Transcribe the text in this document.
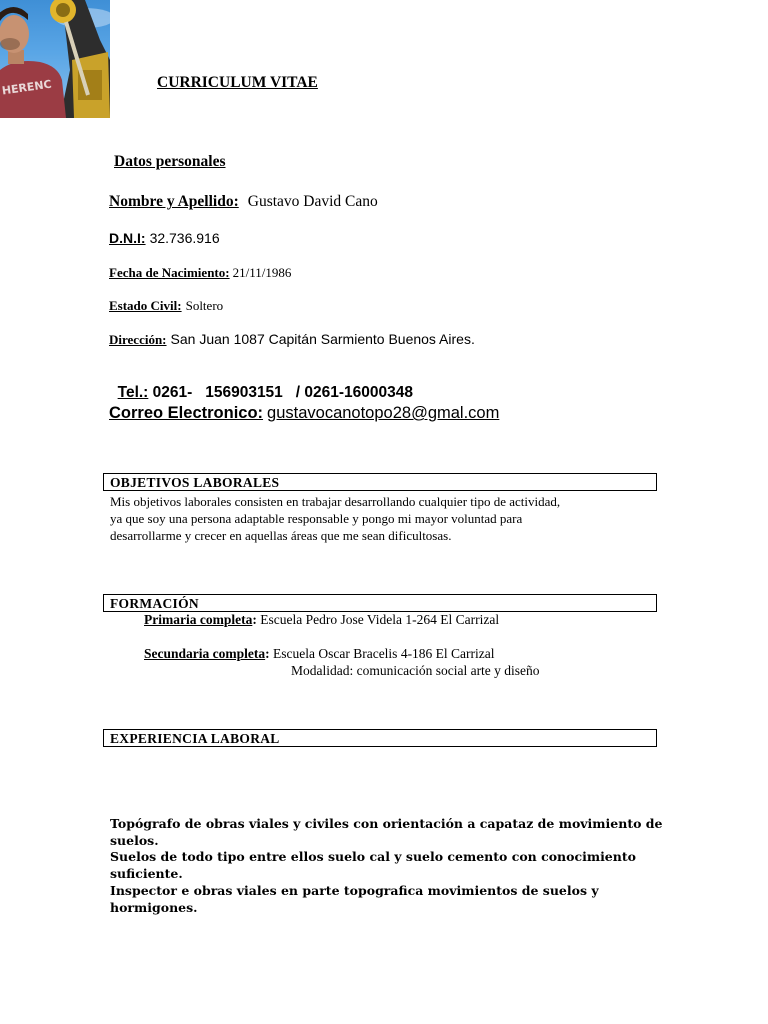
HERENC	CURRICULUM VITAE
Datos personales
Nombre y Apellido: Gustavo David Cano
D.N.I: 32.736.916
Fecha de Nacimiento: 21/11/1986
Estado Civil: Soltero
Dirección: San Juan 1087 Capitán Sarmiento Buenos Aires.

Tel.: 0261-   156903151   / 0261-16000348

Correo Electronico: gustavocanotopo28@gmal.com
OBJETIVOS LABORALES
Mis objetivos laborales consisten en trabajar desarrollando cualquier tipo de actividad,
ya que soy una persona adaptable responsable y pongo mi mayor voluntad para
desarrollarme y crecer en aquellas áreas que me sean dificultosas.
FORMACIÓN
Primaria completa: Escuela Pedro Jose Videla 1-264 El Carrizal
Secundaria completa: Escuela Oscar Bracelis 4-186 El Carrizal
Modalidad: comunicación social arte y diseño
EXPERIENCIA LABORAL
Topógrafo de obras viales y civiles con orientación a capataz de movimiento de
suelos.
Suelos de todo tipo entre ellos suelo cal y suelo cemento con conocimiento
suficiente.
Inspector e obras viales en parte topografica movimientos de suelos y hormigones.
